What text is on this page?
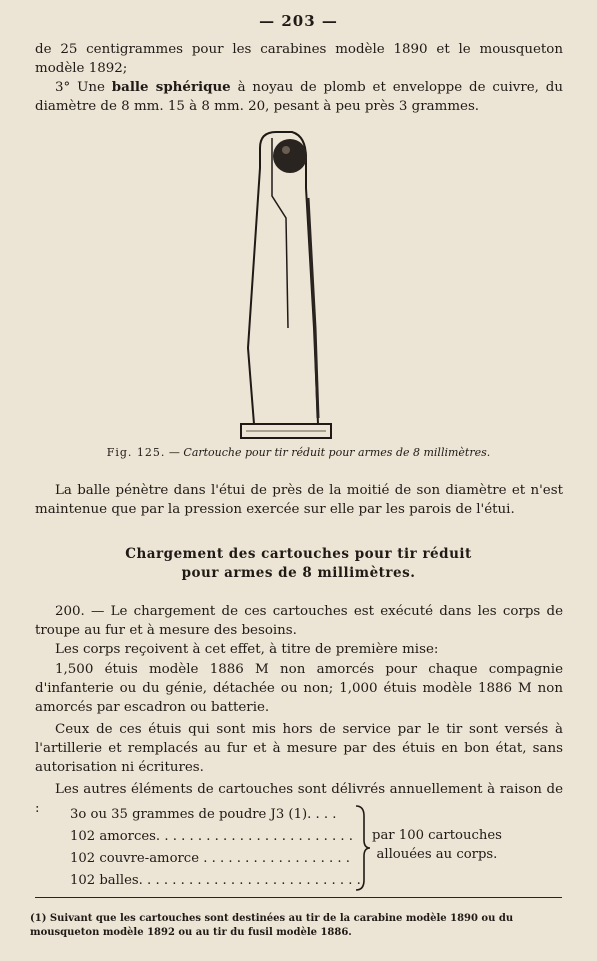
— 203 —
de 25 centigrammes pour les carabines modèle 1890 et le mousqueton modèle 1892;
3° Une balle sphérique à noyau de plomb et enveloppe de cuivre, du diamètre de 8 mm. 15 à 8 mm. 20, pesant à peu près 3 grammes.
Fig. 125. — Cartouche pour tir réduit pour armes de 8 millimètres.
La balle pénètre dans l'étui de près de la moitié de son diamètre et n'est maintenue que par la pression exercée sur elle par les parois de l'étui.
Chargement des cartouches pour tir réduit
pour armes de 8 millimètres.
200. — Le chargement de ces cartouches est exécuté dans les corps de troupe au fur et à mesure des besoins.
Les corps reçoivent à cet effet, à titre de première mise:
1,500 étuis modèle 1886 M non amorcés pour chaque compagnie d'infanterie ou du génie, détachée ou non; 1,000 étuis modèle 1886 M non amorcés par escadron ou batterie.
Ceux de ces étuis qui sont mis hors de service par le tir sont versés à l'artillerie et remplacés au fur et à mesure par des étuis en bon état, sans autorisation ni écritures.
Les autres éléments de cartouches sont délivrés annuellement à raison de :	3o ou 35 grammes de poudre J3 (1). . . .
102 amorces. . . . . . . . . . . . . . . . . . . . . . . .
102 couvre-amorce . . . . . . . . . . . . . . . . . .
102 balles. . . . . . . . . . . . . . . . . . . . . . . . . . .
par 100 cartouches
allouées au corps.
(1) Suivant que les cartouches sont destinées au tir de la carabine modèle 1890 ou du mousqueton modèle 1892 ou au tir du fusil modèle 1886.
